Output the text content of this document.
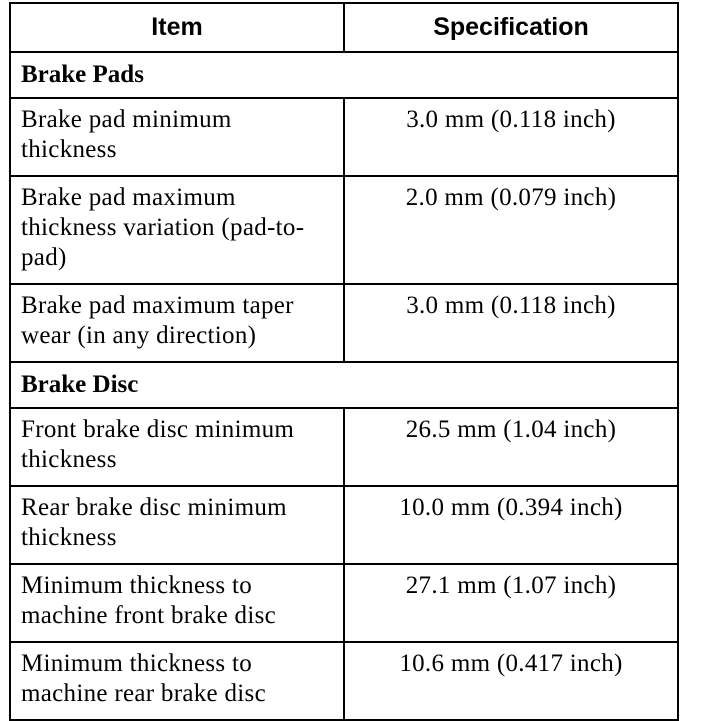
Item	Specification
Brake Pads	
Brake pad minimum thickness	3.0 mm (0.118 inch)
Brake pad maximum thickness variation (pad-to-pad)	2.0 mm (0.079 inch)
Brake pad maximum taper wear (in any direction)	3.0 mm (0.118 inch)
Brake Disc	
Front brake disc minimum thickness	26.5 mm (1.04 inch)
Rear brake disc minimum thickness	10.0 mm (0.394 inch)
Minimum thickness to machine front brake disc	27.1 mm (1.07 inch)
Minimum thickness to machine rear brake disc	10.6 mm (0.417 inch)
